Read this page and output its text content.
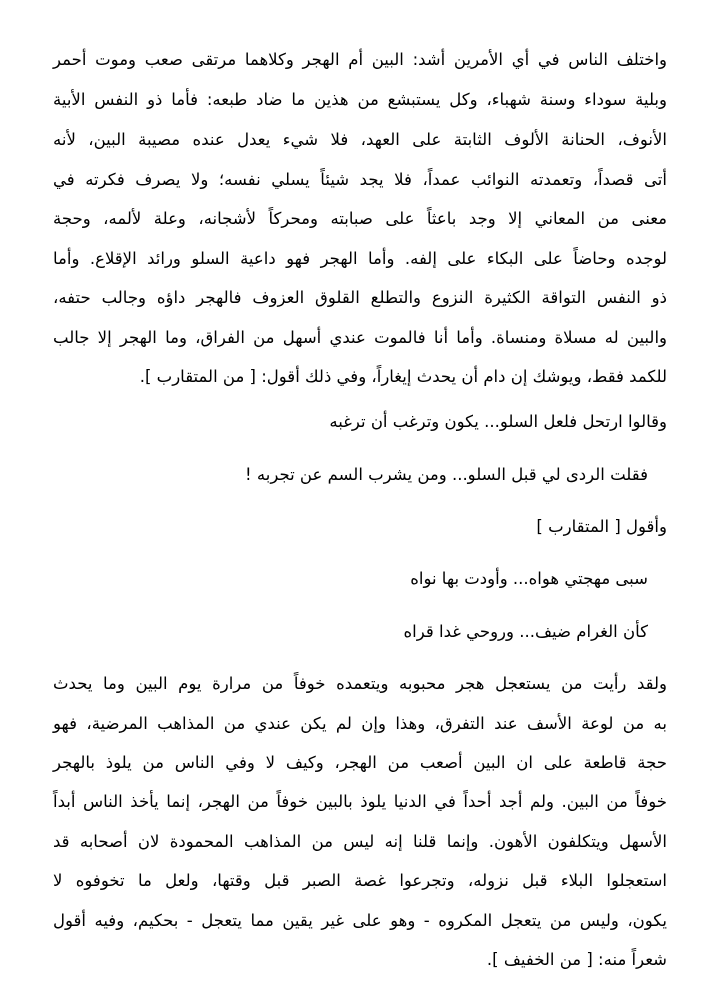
واختلف الناس في أي الأمرين أشد: البين أم الهجر وكلاهما مرتقى صعب وموت أحمر
وبلية سوداء وسنة شهباء، وكل يستبشع من هذين ما ضاد طبعه: فأما ذو النفس الأبية
الأنوف، الحنانة الألوف الثابتة على العهد، فلا شيء يعدل عنده مصيبة البين، لأنه
أتى قصداً، وتعمدته النوائب عمداً، فلا يجد شيئاً يسلي نفسه؛ ولا يصرف فكرته في
معنى من المعاني إلا وجد باعثاً على صبابته ومحركاً لأشجانه، وعلة لألمه، وحجة
لوجده وحاضاً على البكاء على إلفه. وأما الهجر فهو داعية السلو ورائد الإقلاع. وأما
ذو النفس التواقة الكثيرة النزوع والتطلع القلوق العزوف فالهجر داؤه وجالب حتفه،
والبين له مسلاة ومنساة. وأما أنا فالموت عندي أسهل من الفراق، وما الهجر إلا جالب
للكمد فقط، ويوشك إن دام أن يحدث إيغاراً، وفي ذلك أقول: [ من المتقارب ].
وقالوا ارتحل فلعل السلو... يكون وترغب أن ترغبه
فقلت الردى لي قبل السلو... ومن يشرب السم عن تجربه !
وأقول [ المتقارب ]
سبى مهجتي هواه... وأودت بها نواه
كأن الغرام ضيف... وروحي غدا قراه
ولقد رأيت من يستعجل هجر محبوبه ويتعمده خوفاً من مرارة يوم البين وما يحدث
به من لوعة الأسف عند التفرق، وهذا وإن لم يكن عندي من المذاهب المرضية، فهو
حجة قاطعة على ان البين أصعب من الهجر، وكيف لا وفي الناس من يلوذ بالهجر
خوفاً من البين. ولم أجد أحداً في الدنيا يلوذ بالبين خوفاً من الهجر، إنما يأخذ الناس أبداً
الأسهل ويتكلفون الأهون. وإنما قلنا إنه ليس من المذاهب المحمودة لان أصحابه قد
استعجلوا البلاء قبل نزوله، وتجرعوا غصة الصبر قبل وقتها، ولعل ما تخوفوه لا
يكون، وليس من يتعجل المكروه - وهو على غير يقين مما يتعجل - بحكيم، وفيه أقول
شعراً منه: [ من الخفيف ].
